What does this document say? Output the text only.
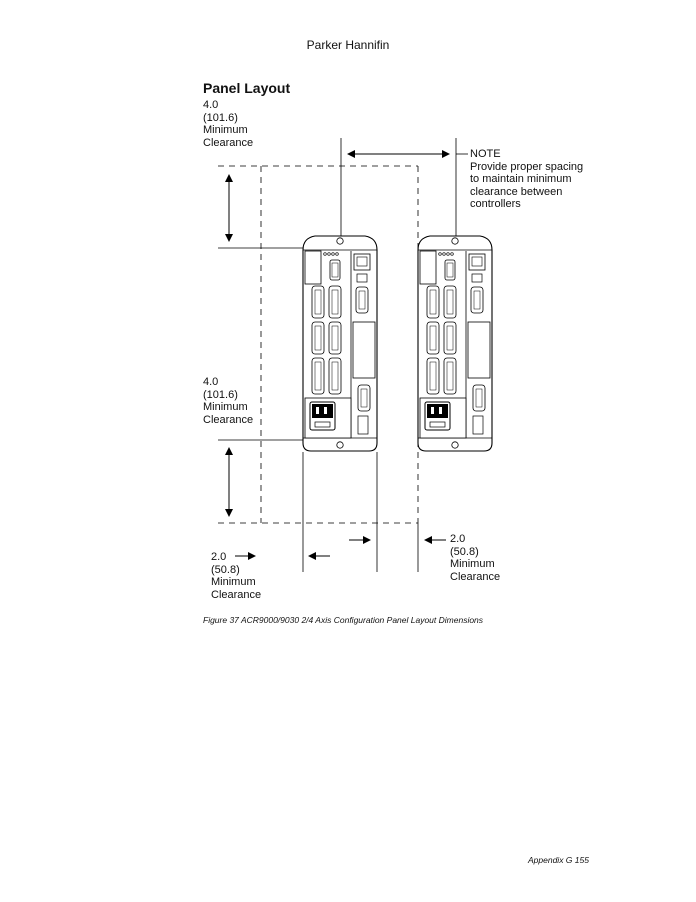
Parker Hannifin
Panel Layout
4.0
(101.6)
Minimum
Clearance
4.0
(101.6)
Minimum
Clearance
2.0
(50.8)
Minimum
Clearance
2.0
(50.8)
Minimum
Clearance
NOTE
Provide proper spacing
to maintain minimum
clearance between
controllers
Figure 37 ACR9000/9030 2/4 Axis Configuration Panel Layout Dimensions
Appendix G 155
